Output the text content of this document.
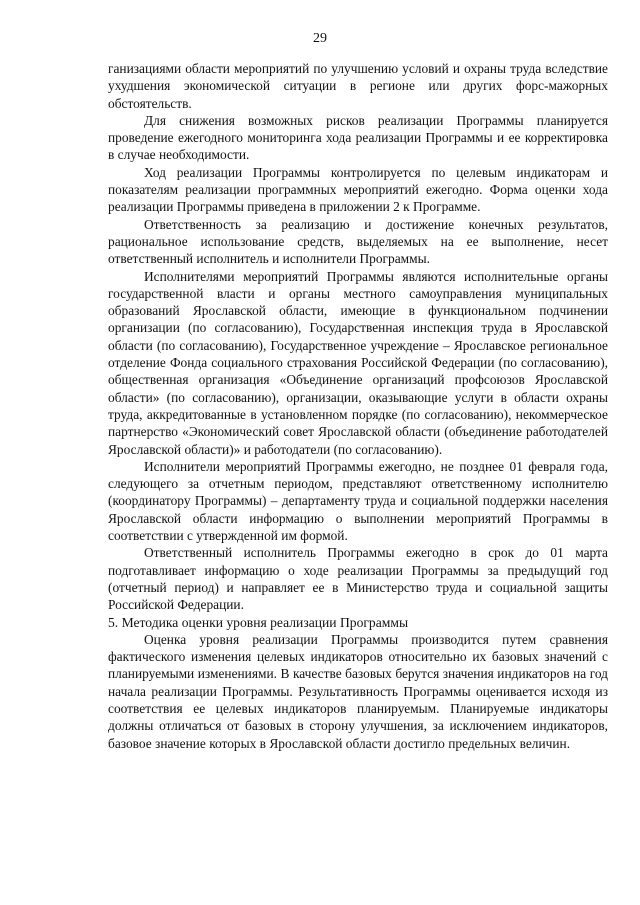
29

ганизациями области мероприятий по улучшению условий и охраны труда вследствие ухудшения экономической ситуации в регионе или других форс-мажорных обстоятельств.

Для снижения возможных рисков реализации Программы планируется проведение ежегодного мониторинга хода реализации Программы и ее корректировка в случае необходимости.

Ход реализации Программы контролируется по целевым индикаторам и показателям реализации программных мероприятий ежегодно. Форма оценки хода реализации Программы приведена в приложении 2 к Программе.

Ответственность за реализацию и достижение конечных результатов, рациональное использование средств, выделяемых на ее выполнение, несет ответственный исполнитель и исполнители Программы.

Исполнителями мероприятий Программы являются исполнительные органы государственной власти и органы местного самоуправления муниципальных образований Ярославской области, имеющие в функциональном подчинении организации (по согласованию), Государственная инспекция труда в Ярославской области (по согласованию), Государственное учреждение – Ярославское региональное отделение Фонда социального страхования Российской Федерации (по согласованию), общественная организация «Объединение организаций профсоюзов Ярославской области» (по согласованию), организации, оказывающие услуги в области охраны труда, аккредитованные в установленном порядке (по согласованию), некоммерческое партнерство «Экономический совет Ярославской области (объединение работодателей Ярославской области)» и работодатели (по согласованию).

Исполнители мероприятий Программы ежегодно, не позднее 01 февраля года, следующего за отчетным периодом, представляют ответственному исполнителю (координатору Программы) – департаменту труда и социальной поддержки населения Ярославской области информацию о выполнении мероприятий Программы в соответствии с утвержденной им формой.

Ответственный исполнитель Программы ежегодно в срок до 01 марта подготавливает информацию о ходе реализации Программы за предыдущий год (отчетный период) и направляет ее в Министерство труда и социальной защиты Российской Федерации.

5. Методика оценки уровня реализации Программы

Оценка уровня реализации Программы производится путем сравнения фактического изменения целевых индикаторов относительно их базовых значений с планируемыми изменениями. В качестве базовых берутся значения индикаторов на год начала реализации Программы. Результативность Программы оценивается исходя из соответствия ее целевых индикаторов планируемым. Планируемые индикаторы должны отличаться от базовых в сторону улучшения, за исключением индикаторов, базовое значение которых в Ярославской области достигло предельных величин.
